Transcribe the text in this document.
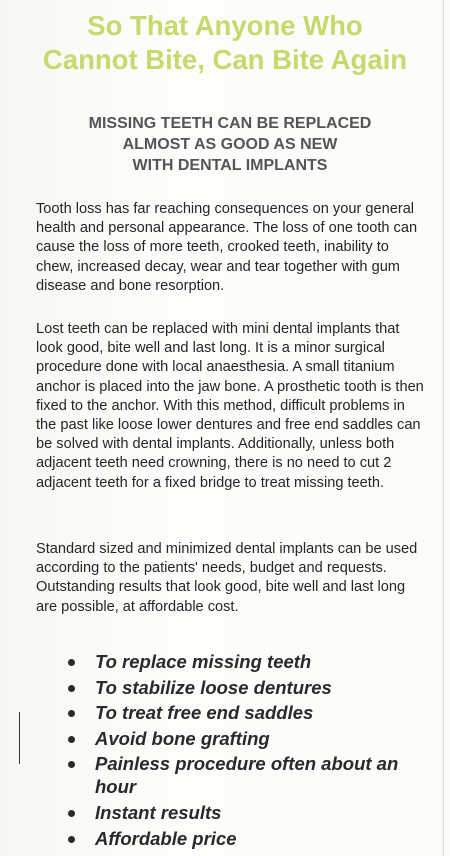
So That Anyone Who
Cannot Bite, Can Bite Again
MISSING TEETH CAN BE REPLACED
ALMOST AS GOOD AS NEW
WITH DENTAL IMPLANTS

Tooth loss has far reaching consequences on your general health and personal appearance. The loss of one tooth can cause the loss of more teeth, crooked teeth, inability to chew, increased decay, wear and tear together with gum disease and bone resorption.

Lost teeth can be replaced with mini dental implants that look good, bite well and last long. It is a minor surgical procedure done with local anaesthesia. A small titanium anchor is placed into the jaw bone. A prosthetic tooth is then fixed to the anchor. With this method, difficult problems in the past like loose lower dentures and free end saddles can be solved with dental implants. Additionally, unless both adjacent teeth need crowning, there is no need to cut 2 adjacent teeth for a fixed bridge to treat missing teeth.

Standard sized and minimized dental implants can be used according to the patients' needs, budget and requests. Outstanding results that look good, bite well and last long are possible, at affordable cost.

To replace missing teeth
To stabilize loose dentures
To treat free end saddles
Avoid bone grafting
Painless procedure often about an hour
Instant results
Affordable price
